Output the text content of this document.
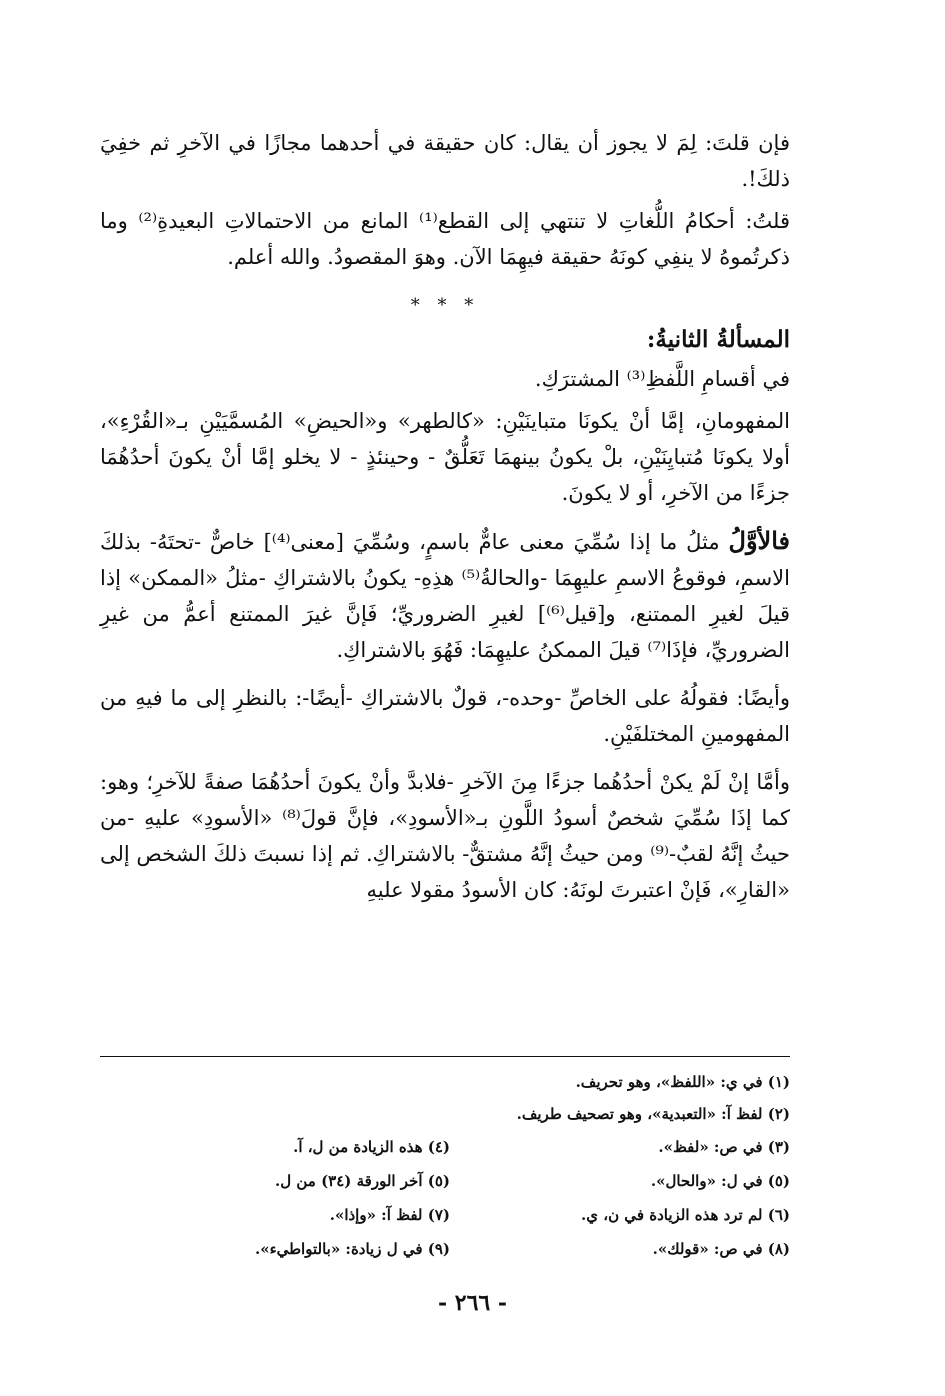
فإن قلتَ: لِمَ لا يجوز أن يقال: كان حقيقة في أحدهما مجازًا في الآخرِ ثم خفِيَ ذلكَ!.

قلتُ: أحكامُ اللُّغاتِ لا تنتهي إلى القطع⁽¹⁾ المانع من الاحتمالاتِ البعيدةِ⁽²⁾ وما ذكرتُموهُ لا ينفِي كونَهُ حقيقة فيهِمَا الآن. وهوَ المقصودُ. والله أعلم.

* * *
المسألةُ الثانيةُ:

في أقسامِ اللَّفظِ⁽³⁾ المشترَكِ.

المفهومانِ، إمَّا أنْ يكونَا متباينَيْنِ: «كالطهر» و«الحيضِ» المُسمَّيَيْنِ بـ«القُرْءِ»، أولا يكونَا مُتبايِنَيْنِ، بلْ يكونُ بينهمَا تَعَلُّقٌ - وحينئذٍ - لا يخلو إمَّا أنْ يكونَ أحدُهُمَا جزءًا من الآخرِ، أو لا يكونَ.

فالأوَّلُ مثلُ ما إذا سُمِّيَ معنى عامٌّ باسمٍ، وسُمِّيَ [معنى⁽⁴⁾] خاصٌّ -تحتَهُ- بذلكَ الاسمِ، فوقوعُ الاسمِ عليهِمَا -والحالةُ⁽⁵⁾ هذِهِ- يكونُ بالاشتراكِ -مثلُ «الممكن» إذا قيلَ لغيرِ الممتنع، و[قيل⁽⁶⁾] لغيرِ الضروريِّ؛ فَإنَّ غيرَ الممتنع أعمُّ من غيرِ الضروريِّ، فإذَا⁽⁷⁾ قيلَ الممكنُ عليهِمَا: فَهُوَ بالاشتراكِ.

وأيضًا: فقولُهُ على الخاصِّ -وحده-، قولٌ بالاشتراكِ -أيضًا-: بالنظرِ إلى ما فيهِ من المفهومينِ المختلفَيْنِ.

وأمَّا إنْ لَمْ يكنْ أحدُهُما جزءًا مِنَ الآخرِ -فلابدَّ وأنْ يكونَ أحدُهُمَا صفةً للآخرِ؛ وهو: كما إذَا سُمِّيَ شخصٌ أسودُ اللَّونِ بـ«الأسودِ»، فإنَّ قولَ⁽⁸⁾ «الأسودِ» عليهِ -من حيثُ إنَّهُ لقبٌ-⁽⁹⁾ ومن حيثُ إنَّهُ مشتقٌّ- بالاشتراكِ. ثم إذا نسبتَ ذلكَ الشخص إلى «القارِ»، فَإنْ اعتبرتَ لونَهُ: كان الأسودُ مقولا عليهِ

(١) في ي: «اللفظ»، وهو تحريف.
(٢) لفظ آ: «التعبدية»، وهو تصحيف طريف.
(٣) في ص: «لفظ».
(٤) هذه الزيادة من ل، آ.
(٥) في ل: «والحال».
(٥) آخر الورقة (٣٤) من ل.
(٦) لم ترد هذه الزيادة في ن، ي.
(٧) لفظ آ: «وإذا».
(٨) في ص: «قولك».
(٩) في ل زيادة: «بالتواطيء».
- ٢٦٦ -
